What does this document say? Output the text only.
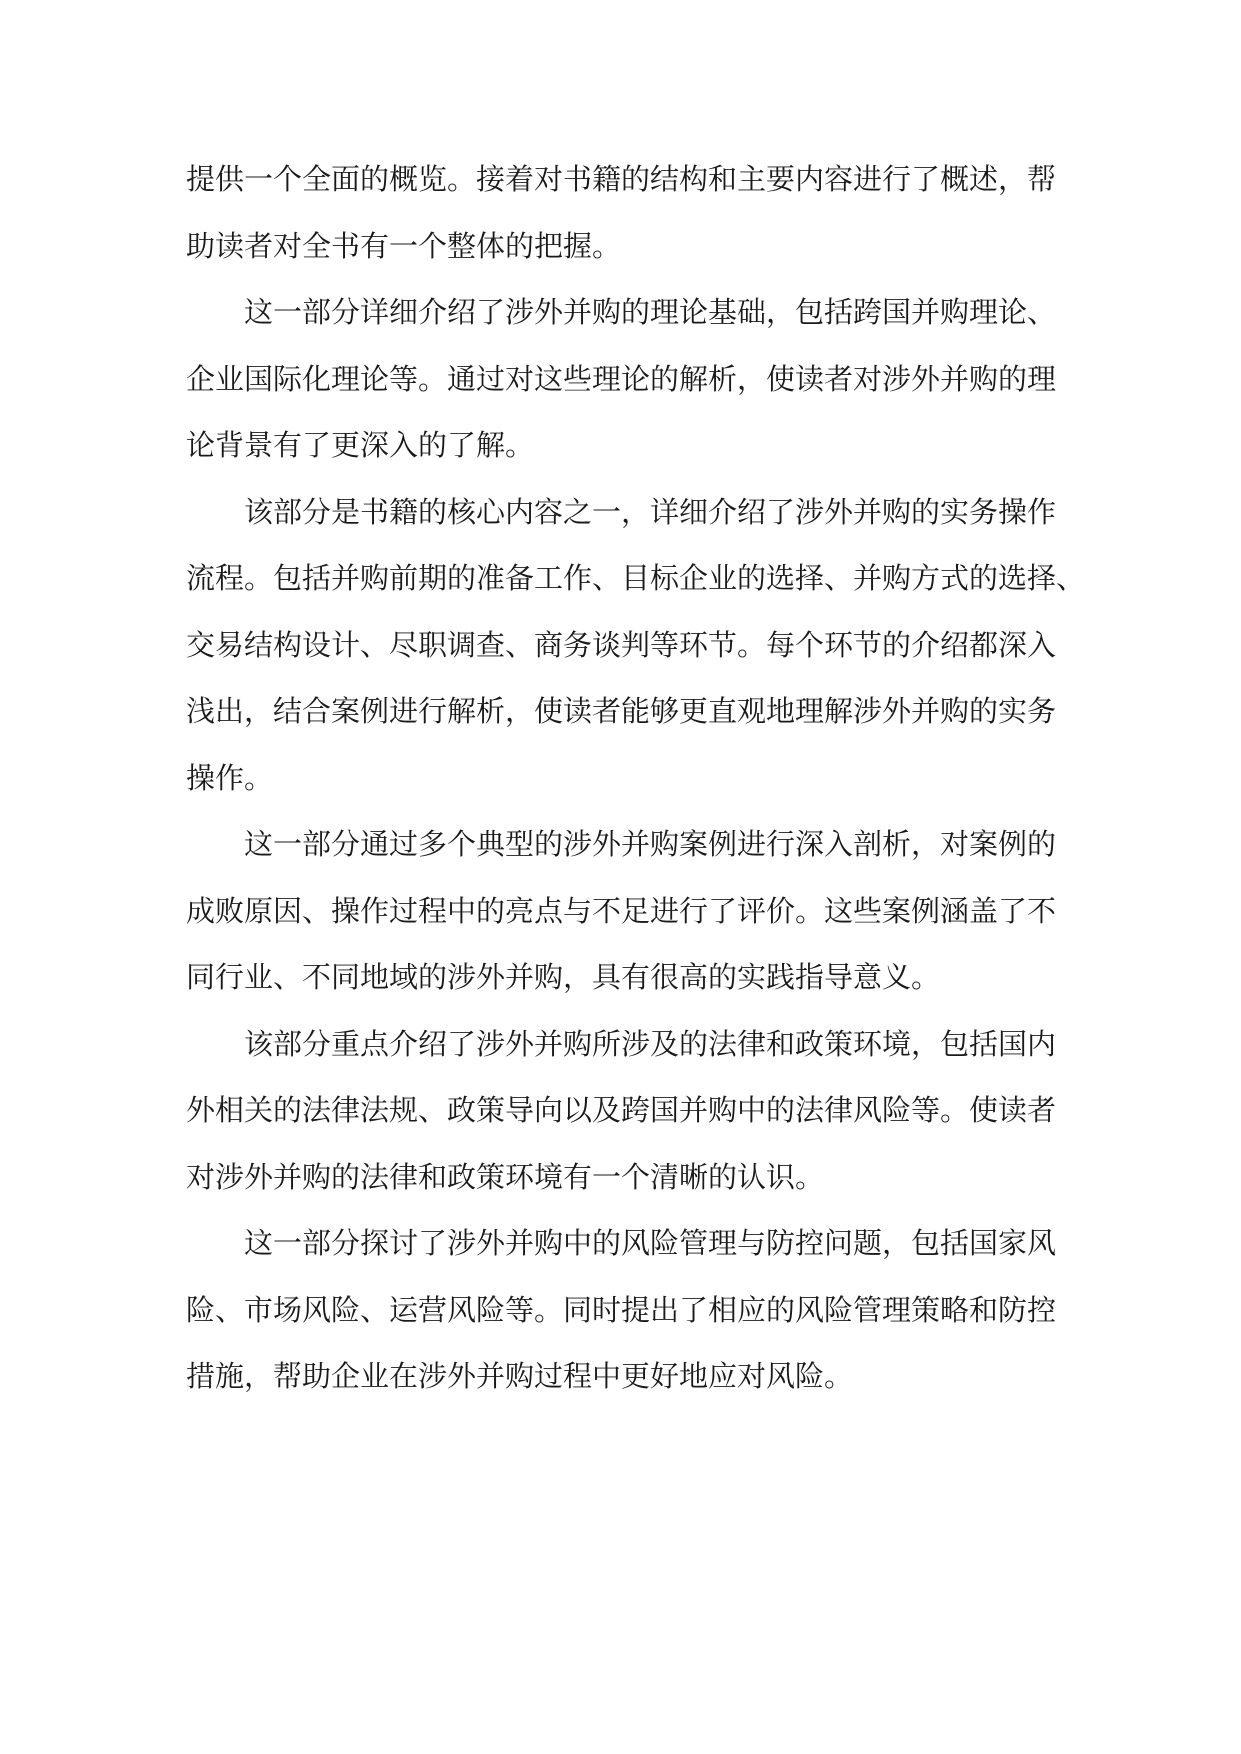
提供一个全面的概览。接着对书籍的结构和主要内容进行了概述，帮
助读者对全书有一个整体的把握。
这一部分详细介绍了涉外并购的理论基础，包括跨国并购理论、
企业国际化理论等。通过对这些理论的解析，使读者对涉外并购的理
论背景有了更深入的了解。
该部分是书籍的核心内容之一，详细介绍了涉外并购的实务操作
流程。包括并购前期的准备工作、目标企业的选择、并购方式的选择、
交易结构设计、尽职调查、商务谈判等环节。每个环节的介绍都深入
浅出，结合案例进行解析，使读者能够更直观地理解涉外并购的实务
操作。
这一部分通过多个典型的涉外并购案例进行深入剖析，对案例的
成败原因、操作过程中的亮点与不足进行了评价。这些案例涵盖了不
同行业、不同地域的涉外并购，具有很高的实践指导意义。
该部分重点介绍了涉外并购所涉及的法律和政策环境，包括国内
外相关的法律法规、政策导向以及跨国并购中的法律风险等。使读者
对涉外并购的法律和政策环境有一个清晰的认识。
这一部分探讨了涉外并购中的风险管理与防控问题，包括国家风
险、市场风险、运营风险等。同时提出了相应的风险管理策略和防控
措施，帮助企业在涉外并购过程中更好地应对风险。
